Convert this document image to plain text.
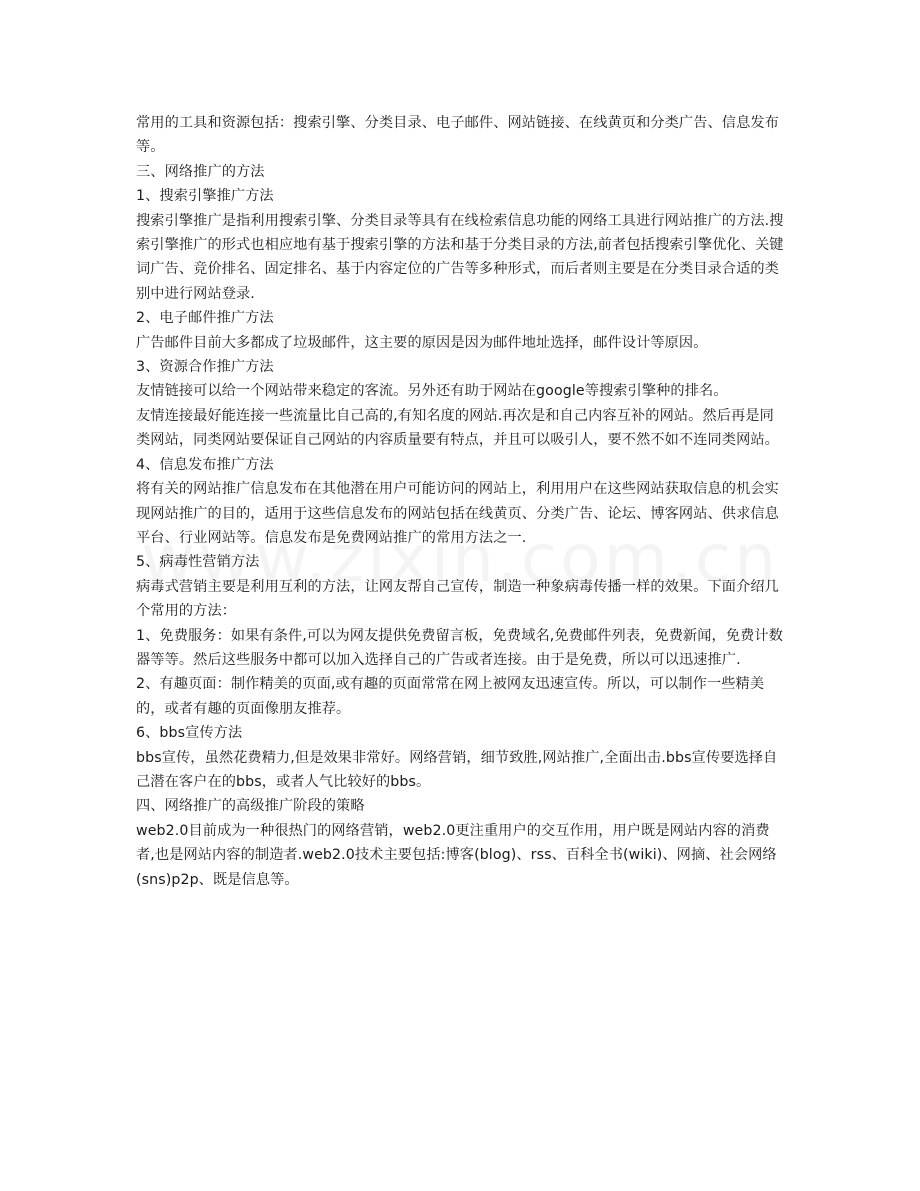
常用的工具和资源包括：搜索引擎、分类目录、电子邮件、网站链接、在线黄页和分类广告、信息发布等。

三、网络推广的方法

1、搜索引擎推广方法

搜索引擎推广是指利用搜索引擎、分类目录等具有在线检索信息功能的网络工具进行网站推广的方法.搜索引擎推广的形式也相应地有基于搜索引擎的方法和基于分类目录的方法,前者包括搜索引擎优化、关键词广告、竞价排名、固定排名、基于内容定位的广告等多种形式，而后者则主要是在分类目录合适的类别中进行网站登录.

2、电子邮件推广方法

广告邮件目前大多都成了垃圾邮件，这主要的原因是因为邮件地址选择，邮件设计等原因。

3、资源合作推广方法

友情链接可以给一个网站带来稳定的客流。另外还有助于网站在google等搜索引擎种的排名。

友情连接最好能连接一些流量比自己高的,有知名度的网站.再次是和自己内容互补的网站。然后再是同类网站，同类网站要保证自己网站的内容质量要有特点，并且可以吸引人，要不然不如不连同类网站。

4、信息发布推广方法

将有关的网站推广信息发布在其他潜在用户可能访问的网站上，利用用户在这些网站获取信息的机会实现网站推广的目的，适用于这些信息发布的网站包括在线黄页、分类广告、论坛、博客网站、供求信息平台、行业网站等。信息发布是免费网站推广的常用方法之一.

5、病毒性营销方法

病毒式营销主要是利用互利的方法，让网友帮自己宣传，制造一种象病毒传播一样的效果。下面介绍几个常用的方法：

1、免费服务：如果有条件,可以为网友提供免费留言板，免费域名,免费邮件列表，免费新闻，免费计数器等等。然后这些服务中都可以加入选择自己的广告或者连接。由于是免费，所以可以迅速推广.

2、有趣页面：制作精美的页面,或有趣的页面常常在网上被网友迅速宣传。所以，可以制作一些精美的，或者有趣的页面像朋友推荐。

6、bbs宣传方法

bbs宣传，虽然花费精力,但是效果非常好。网络营销，细节致胜,网站推广,全面出击.bbs宣传要选择自己潜在客户在的bbs，或者人气比较好的bbs。

四、网络推广的高级推广阶段的策略

web2.0目前成为一种很热门的网络营销，web2.0更注重用户的交互作用，用户既是网站内容的消费者,也是网站内容的制造者.web2.0技术主要包括:博客(blog)、rss、百科全书(wiki)、网摘、社会网络(sns)p2p、既是信息等。
